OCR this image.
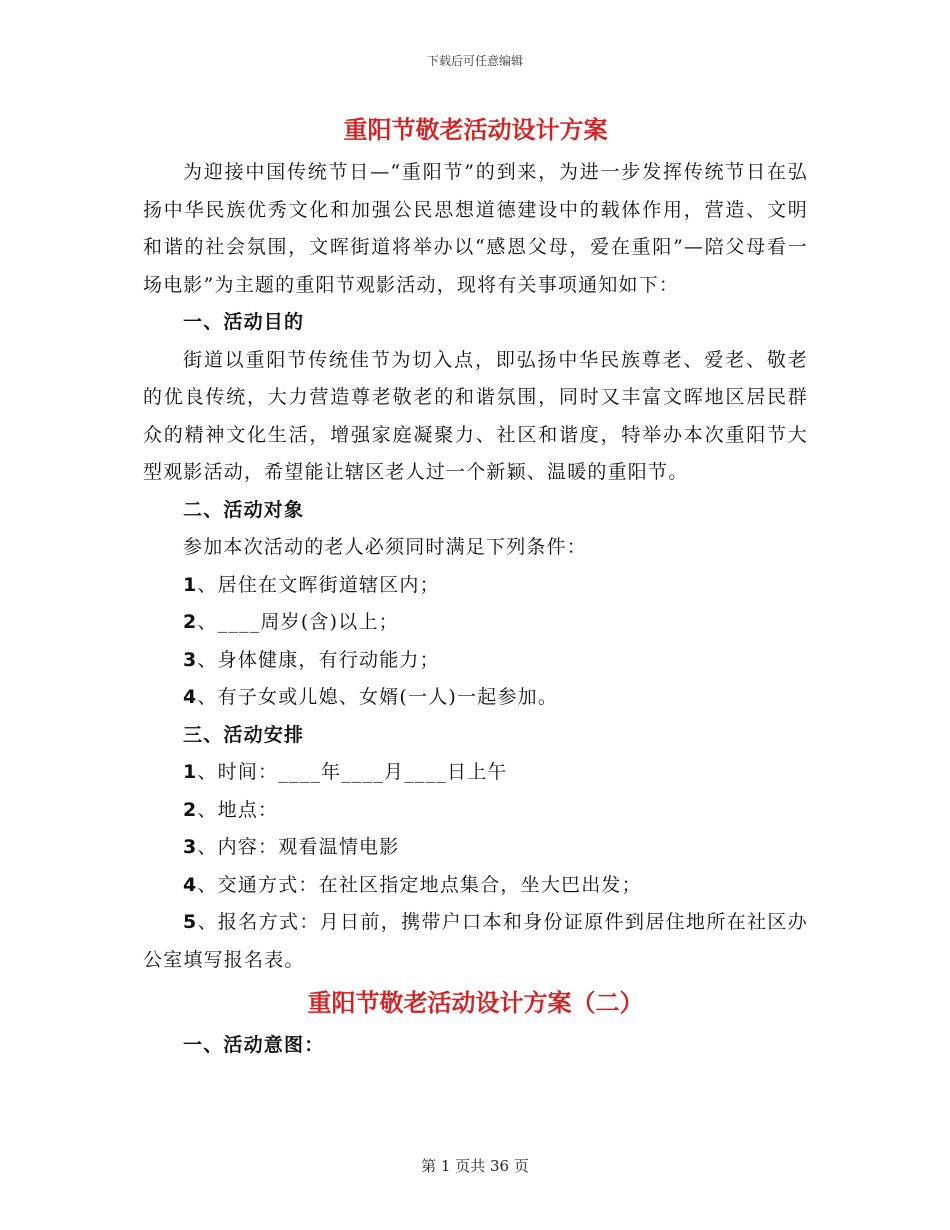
下载后可任意编辑
重阳节敬老活动设计方案

为迎接中国传统节日—“重阳节”的到来，为进一步发挥传统节日在弘扬中华民族优秀文化和加强公民思想道德建设中的载体作用，营造、文明和谐的社会氛围，文晖街道将举办以“感恩父母，爱在重阳”—陪父母看一场电影”为主题的重阳节观影活动，现将有关事项通知如下：

一、活动目的

街道以重阳节传统佳节为切入点，即弘扬中华民族尊老、爱老、敬老的优良传统，大力营造尊老敬老的和谐氛围，同时又丰富文晖地区居民群众的精神文化生活，增强家庭凝聚力、社区和谐度，特举办本次重阳节大型观影活动，希望能让辖区老人过一个新颖、温暖的重阳节。

二、活动对象

参加本次活动的老人必须同时满足下列条件：

1、居住在文晖街道辖区内；

2、____周岁(含)以上；

3、身体健康，有行动能力；

4、有子女或儿媳、女婿(一人)一起参加。

三、活动安排

1、时间：____年____月____日上午

2、地点：

3、内容：观看温情电影

4、交通方式：在社区指定地点集合，坐大巴出发；

5、报名方式：月日前，携带户口本和身份证原件到居住地所在社区办公室填写报名表。

重阳节敬老活动设计方案（二）

一、活动意图：

第 1 页共 36 页
